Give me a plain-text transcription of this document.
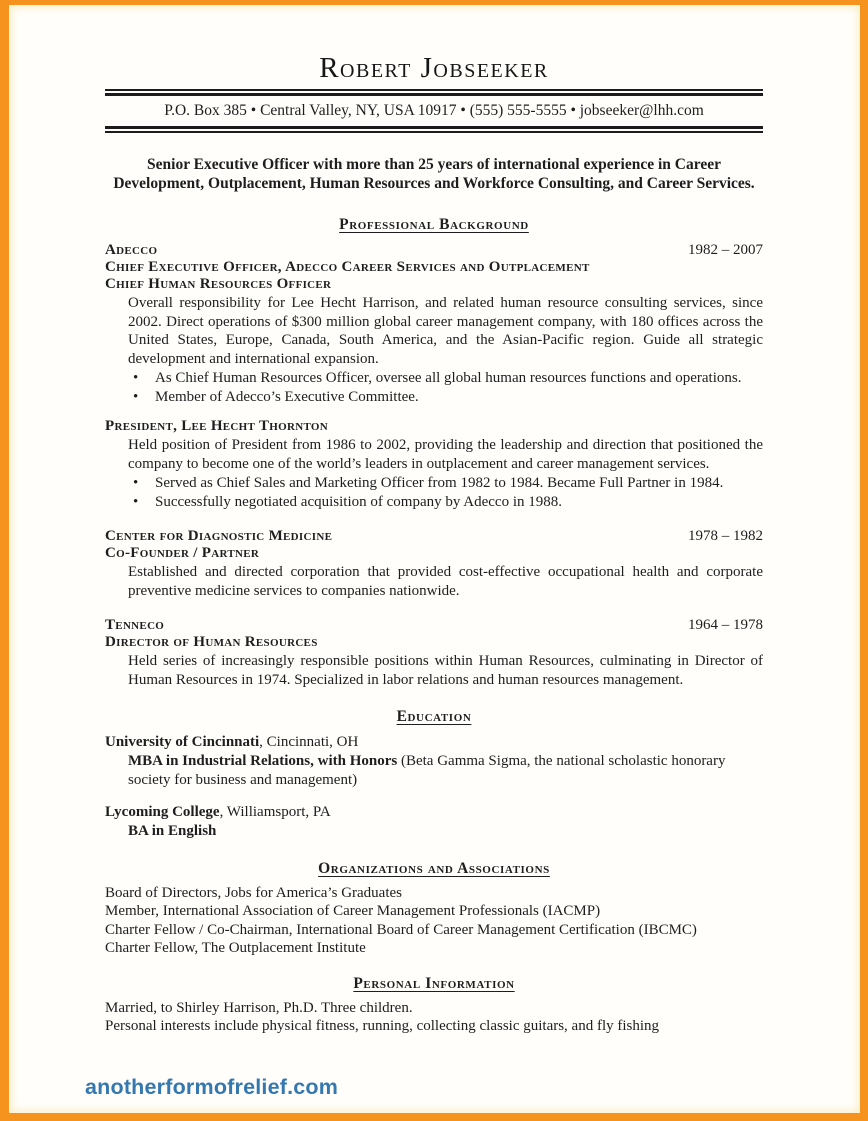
Robert Jobseeker
P.O. Box 385 • Central Valley, NY, USA 10917 • (555) 555-5555 • jobseeker@lhh.com

Senior Executive Officer with more than 25 years of international experience in Career Development, Outplacement, Human Resources and Workforce Consulting, and Career Services.

Professional Background
Adecco	1982 – 2007
Chief Executive Officer, Adecco Career Services and Outplacement
Chief Human Resources Officer

Overall responsibility for Lee Hecht Harrison, and related human resource consulting services, since 2002. Direct operations of $300 million global career management company, with 180 offices across the United States, Europe, Canada, South America, and the Asian-Pacific region. Guide all strategic development and international expansion.

•	As Chief Human Resources Officer, oversee all global human resources functions and operations.
•	Member of Adecco’s Executive Committee.
President, Lee Hecht Thornton

Held position of President from 1986 to 2002, providing the leadership and direction that positioned the company to become one of the world’s leaders in outplacement and career management services.

•	Served as Chief Sales and Marketing Officer from 1982 to 1984. Became Full Partner in 1984.
•	Successfully negotiated acquisition of company by Adecco in 1988.
Center for Diagnostic Medicine	1978 – 1982
Co-Founder / Partner

Established and directed corporation that provided cost-effective occupational health and corporate preventive medicine services to companies nationwide.

Tenneco	1964 – 1978
Director of Human Resources

Held series of increasingly responsible positions within Human Resources, culminating in Director of Human Resources in 1974. Specialized in labor relations and human resources management.

Education
University of Cincinnati, Cincinnati, OH
MBA in Industrial Relations, with Honors (Beta Gamma Sigma, the national scholastic honorary society for business and management)
Lycoming College, Williamsport, PA
BA in English
Organizations and Associations
Board of Directors, Jobs for America’s Graduates
Member, International Association of Career Management Professionals (IACMP)
Charter Fellow / Co-Chairman, International Board of Career Management Certification (IBCMC)
Charter Fellow, The Outplacement Institute
Personal Information
Married, to Shirley Harrison, Ph.D. Three children.
Personal interests include physical fitness, running, collecting classic guitars, and fly fishing
anotherformofrelief.com
